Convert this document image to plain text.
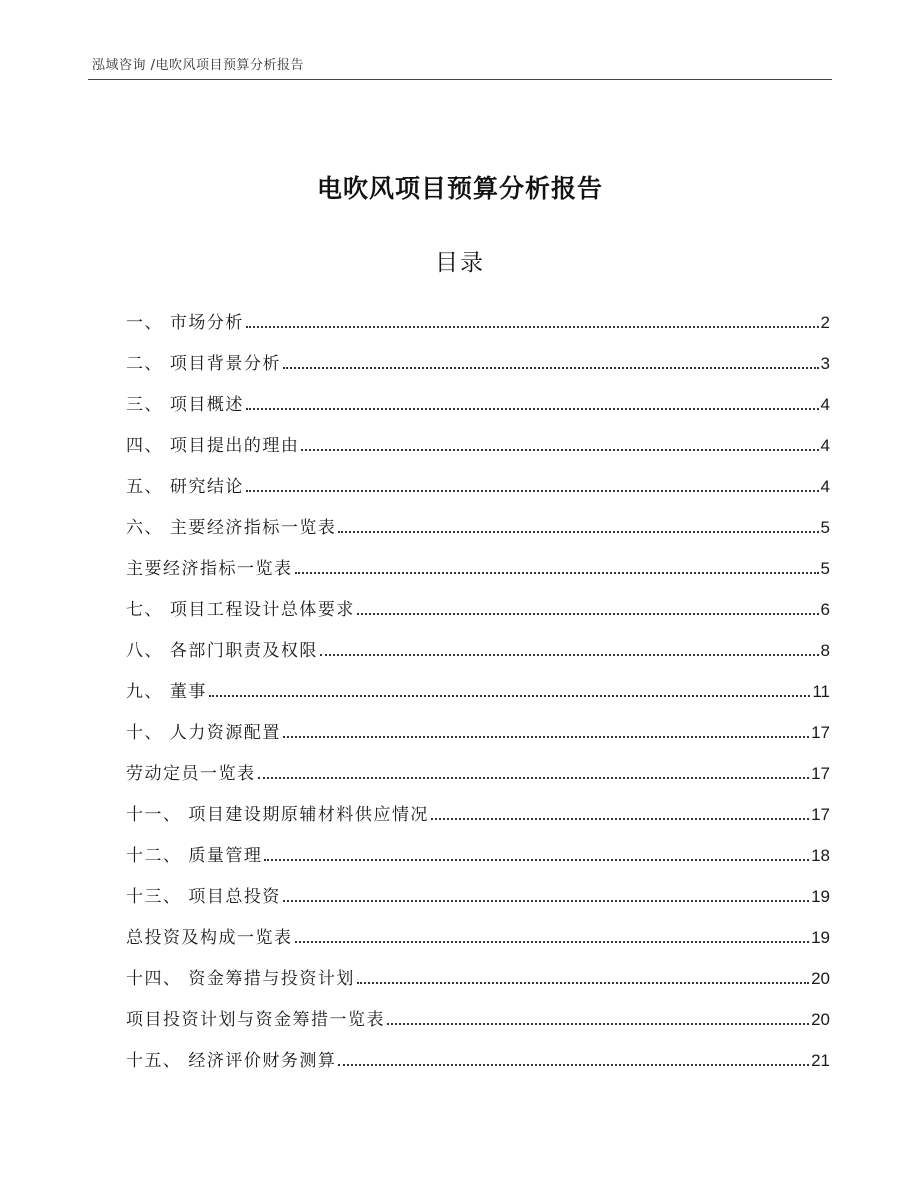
泓域咨询 /电吹风项目预算分析报告
电吹风项目预算分析报告
目录
一、 市场分析	2
二、 项目背景分析	3
三、 项目概述	4
四、 项目提出的理由	4
五、 研究结论	4
六、 主要经济指标一览表	5
主要经济指标一览表	5
七、 项目工程设计总体要求	6
八、 各部门职责及权限	8
九、 董事	11
十、 人力资源配置	17
劳动定员一览表	17
十一、 项目建设期原辅材料供应情况	17
十二、 质量管理	18
十三、 项目总投资	19
总投资及构成一览表	19
十四、 资金筹措与投资计划	20
项目投资计划与资金筹措一览表	20
十五、 经济评价财务测算	21
